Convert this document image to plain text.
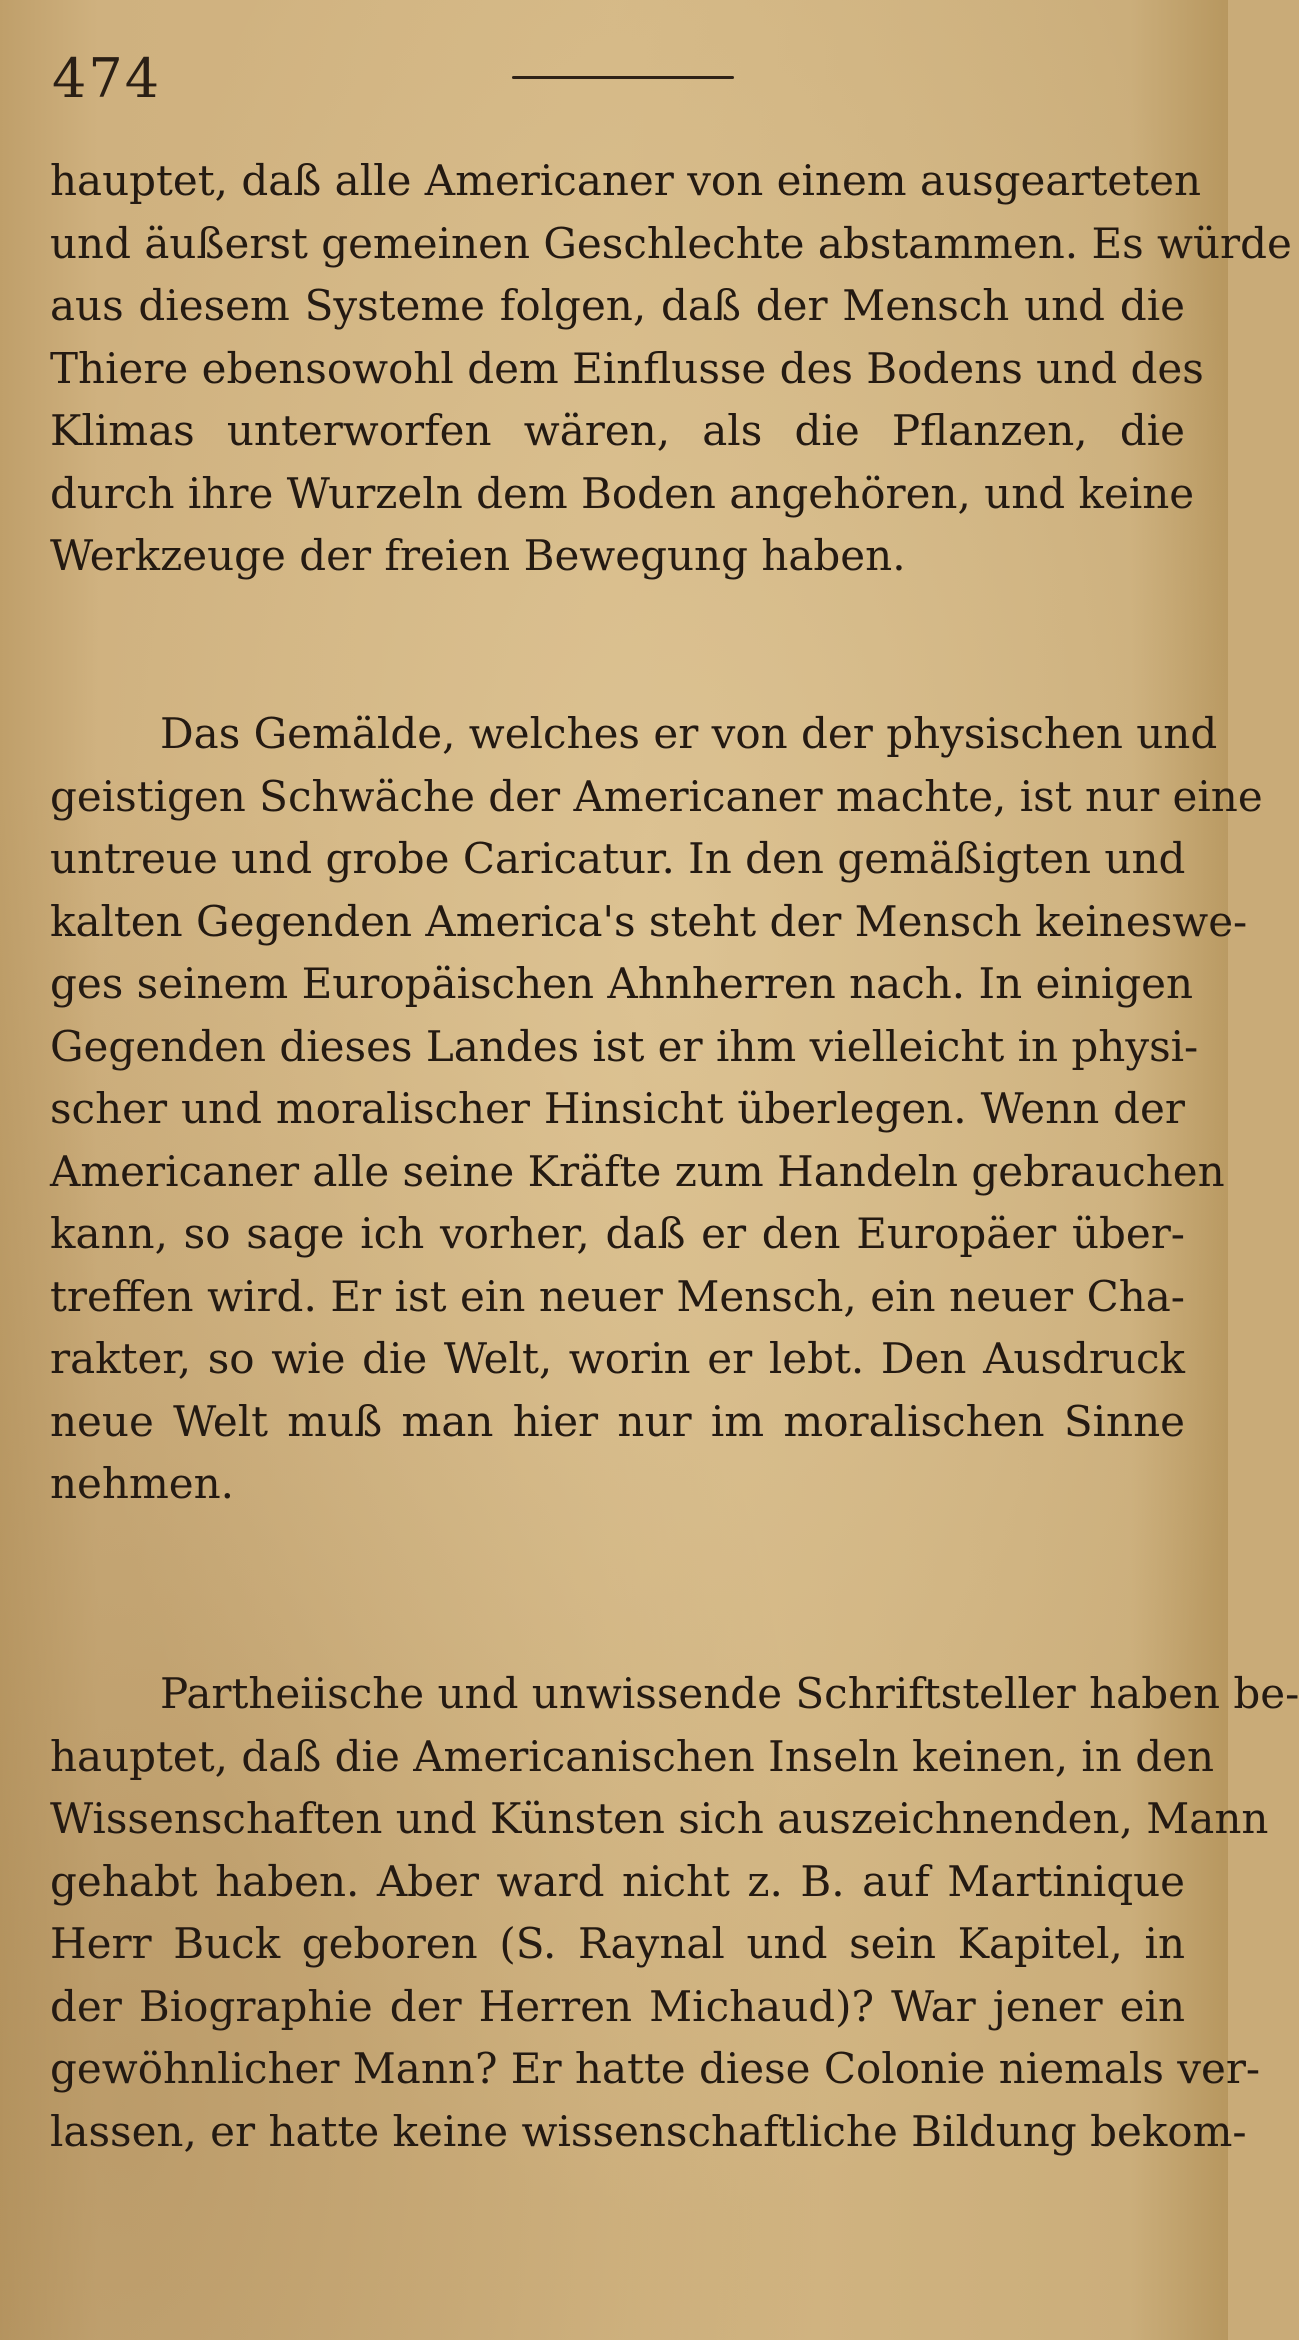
474
hauptet, daß alle Americaner von einem ausgearteten
und äußerst gemeinen Geschlechte abstammen. Es würde
aus diesem Systeme folgen, daß der Mensch und die
Thiere ebensowohl dem Einflusse des Bodens und des
Klimas unterworfen wären, als die Pflanzen, die
durch ihre Wurzeln dem Boden angehören, und keine
Werkzeuge der freien Bewegung haben.
Das Gemälde, welches er von der physischen und
geistigen Schwäche der Americaner machte, ist nur eine
untreue und grobe Caricatur. In den gemäßigten und
kalten Gegenden America's steht der Mensch keineswe-
ges seinem Europäischen Ahnherren nach. In einigen
Gegenden dieses Landes ist er ihm vielleicht in physi-
scher und moralischer Hinsicht überlegen. Wenn der
Americaner alle seine Kräfte zum Handeln gebrauchen
kann, so sage ich vorher, daß er den Europäer über-
treffen wird. Er ist ein neuer Mensch, ein neuer Cha-
rakter, so wie die Welt, worin er lebt. Den Ausdruck
neue Welt muß man hier nur im moralischen Sinne
nehmen.
Partheiische und unwissende Schriftsteller haben be-
hauptet, daß die Americanischen Inseln keinen, in den
Wissenschaften und Künsten sich auszeichnenden, Mann
gehabt haben. Aber ward nicht z. B. auf Martinique
Herr Buck geboren (S. Raynal und sein Kapitel, in
der Biographie der Herren Michaud)? War jener ein
gewöhnlicher Mann? Er hatte diese Colonie niemals ver-
lassen, er hatte keine wissenschaftliche Bildung bekom-
